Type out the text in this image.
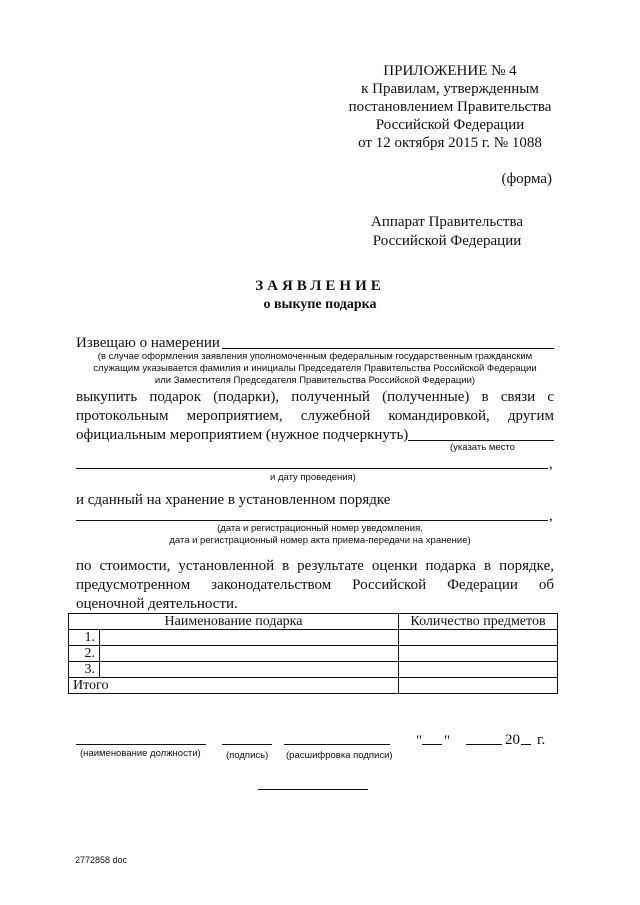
ПРИЛОЖЕНИЕ № 4
к Правилам, утвержденным
постановлением Правительства
Российской Федерации
от 12 октября 2015 г. № 1088
(форма)
Аппарат Правительства
Российской Федерации
ЗАЯВЛЕНИЕ
о выкупе подарка
Извещаю о намерении
(в случае оформления заявления уполномоченным федеральным государственным гражданским
служащим указывается фамилия и инициалы Председателя Правительства Российской Федерации
или Заместителя Председателя Правительства Российской Федерации)
выкупить подарок (подарки), полученный (полученные) в связи с протокольным мероприятием, служебной командировкой, другим
официальным мероприятием (нужное подчеркнуть)
(указать место
,
и дату проведения)
и сданный на хранение в установленном порядке
,
(дата и регистрационный номер уведомления,
дата и регистрационный номер акта приема-передачи на хранение)
по стоимости, установленной в результате оценки подарка в порядке, предусмотренном законодательством Российской Федерации об оценочной деятельности.
Наименование подарка		Количество предметов
1.		
2.		
3.		
Итого		
(наименование должности)	(подпись) (расшифровка подписи)
" "	20 г.
2772858 doc
